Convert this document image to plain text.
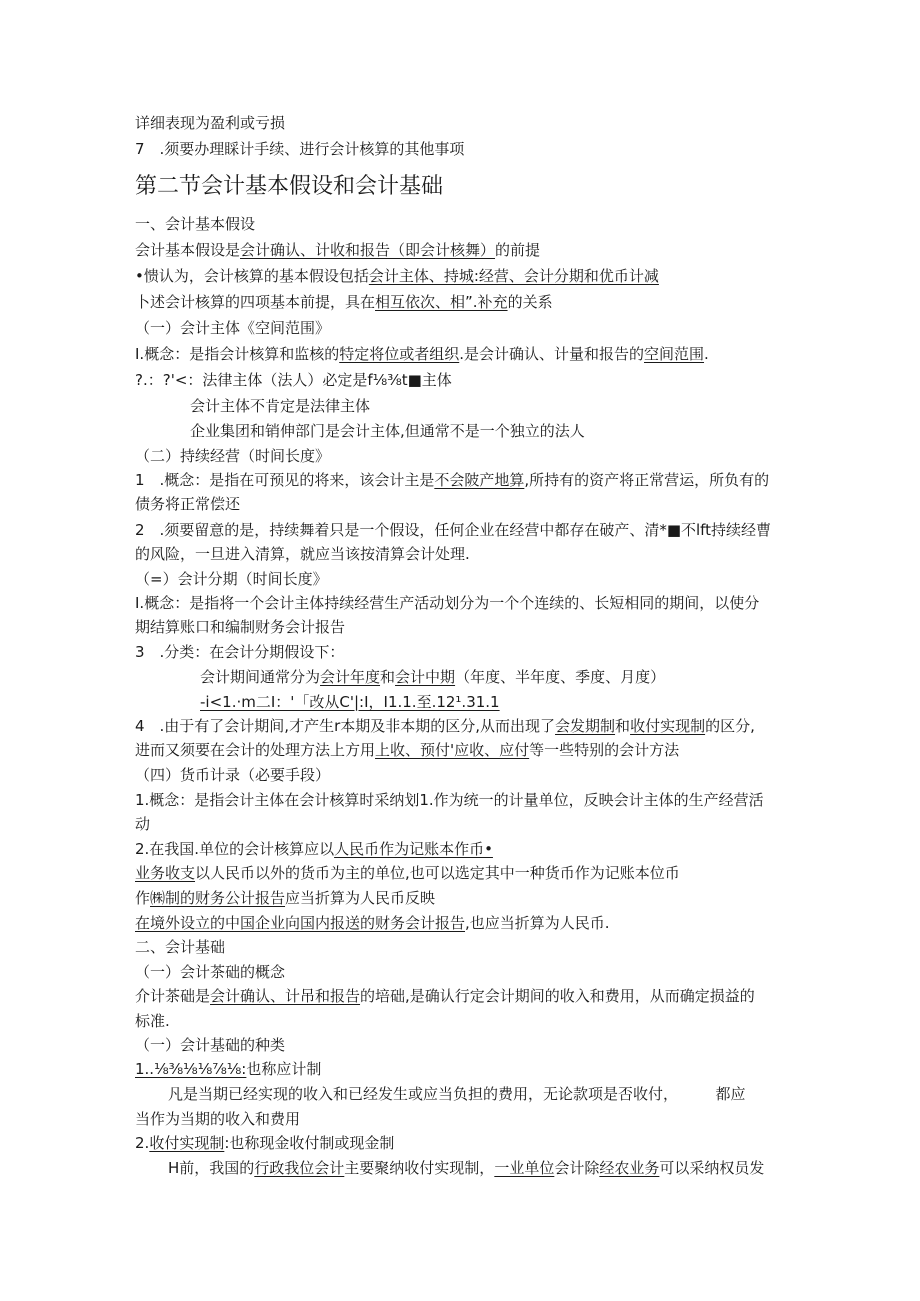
详细表现为盈利或亏损
7　.须要办理睬计手续、进行会计核算的其他事项
第二节会计基本假设和会计基础
一、会计基本假设
会计基本假设是会计确认、计收和报告（即会计核舞）的前提
•愦认为，会计核算的基本假设包括会计主体、持城:经营、会计分期和优币计减
卜述会计核算的四项基本前提，具在相互依次、相”.补充的关系
（一）会计主体《空间范围》
I.概念：是指会计核算和监核的特定将位或者组织.是会计确认、计量和报告的空间范围.
?.：?'<：法律主体（法人）必定是f⅛⅜t■主体
会计主体不肯定是法律主体
企业集团和销伸部门是会计主体,但通常不是一个独立的法人
（二）持续经营（时间长度》
1　.概念：是指在可预见的将来，该会计主是不会陂产地算,所持有的资产将正常营运，所负有的
债务将正常偿还
2　.须要留意的是，持续舞着只是一个假设，任何企业在经营中都存在破产、清*■不lft持续经曹
的风险，一旦进入清算，就应当该按清算会计处理.
（=）会计分期（时间长度》
I.概念：是指将一个会计主体持续经营生产活动划分为一个个连续的、长短相同的期间，以使分
期结算账口和编制财务会计报告
3　.分类：在会计分期假设下：
会计期间通常分为会计年度和会计中期（年度、半年度、季度、月度）
-i<1.·m二I：'「改从C'|:I，I1.1.至.12¹.31.1
4　.由于有了会计期间,才产生r本期及非本期的区分,从而出现了会发期制和收付实现制的区分,
进而又须要在会计的处理方法上方用上收、预付'应收、应付等一些特别的会计方法
（四）货币计录（必要手段）
1.概念：是指会计主体在会计核算时采纳划1.作为统一的计量单位，反映会计主体的生产经营活
动
2.在我国.单位的会计核算应以人民币作为记账本作币•
业务收支以人民币以外的货币为主的单位,也可以选定其中一种货币作为记账本位币
作㈱制的财务公计报告应当折算为人民币反映
在境外设立的中国企业向国内报送的财务会计报告,也应当折算为人民币.
二、会计基础
（一）会计茶础的概念
介计茶础是会计确认、计吊和报告的培础,是确认行定会计期间的收入和费用，从而确定损益的
标准.
（一）会计基础的种类
1..⅛⅜⅛⅛⅞⅛:也称应计制
凡是当期已经实现的收入和已经发生或应当负担的费用，无论款项是否收付，　　　都应
当作为当期的收入和费用
2.收付实现制:也称现金收付制或现金制
H前，我国的行政我位会计主要聚纳收付实现制，一业单位会计除经农业务可以采纳权员发
